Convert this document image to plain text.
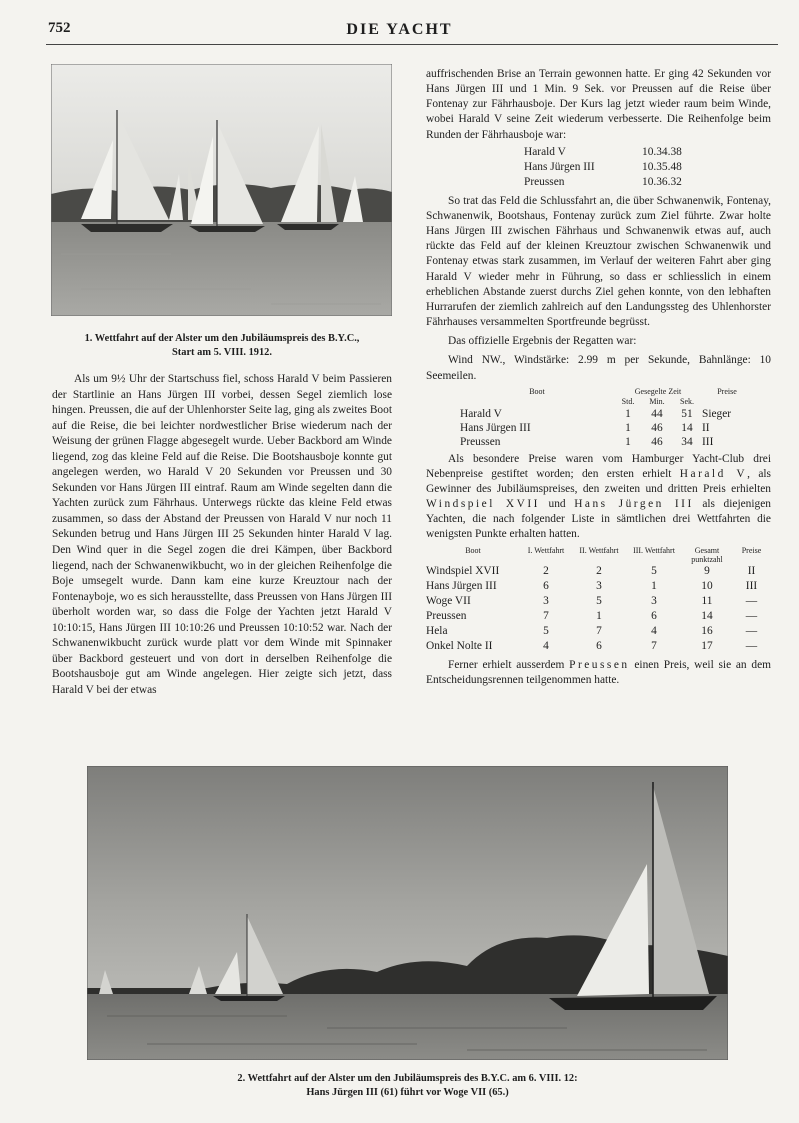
752	DIE YACHT
1. Wettfahrt auf der Alster um den Jubiläumspreis des B.Y.C.,
Start am 5. VIII. 1912.

Als um 9½ Uhr der Startschuss fiel, schoss Harald V beim Passieren der Startlinie an Hans Jürgen III vorbei, dessen Segel ziemlich lose hingen. Preussen, die auf der Uhlenhorster Seite lag, ging als zweites Boot auf die Reise, die bei leichter nordwestlicher Brise wiederum nach der Weisung der grünen Flagge abgesegelt wurde. Ueber Backbord am Winde liegend, zog das kleine Feld auf die Reise. Die Bootshausboje konnte gut angelegen werden, wo Harald V 20 Sekunden vor Preussen und 30 Sekunden vor Hans Jürgen III eintraf. Raum am Winde segelten dann die Yachten zurück zum Fährhaus. Unterwegs rückte das kleine Feld etwas zusammen, so dass der Abstand der Preussen von Harald V nur noch 11 Sekunden betrug und Hans Jürgen III 25 Sekunden hinter Harald V lag. Den Wind quer in die Segel zogen die drei Kämpen, über Backbord liegend, nach der Schwanenwikbucht, wo in der gleichen Reihenfolge die Boje umsegelt wurde. Dann kam eine kurze Kreuztour nach der Fontenayboje, wo es sich herausstellte, dass Preussen von Hans Jürgen III überholt worden war, so dass die Folge der Yachten jetzt Harald V 10:10:15, Hans Jürgen III 10:10:26 und Preussen 10:10:52 war. Nach der Schwanenwikbucht zurück wurde platt vor dem Winde mit Spinnaker über Backbord gesteuert und von dort in derselben Reihenfolge die Bootshausboje gut am Winde angelegen. Hier zeigte sich jetzt, dass Harald V bei der etwas

auffrischenden Brise an Terrain gewonnen hatte. Er ging 42 Sekunden vor Hans Jürgen III und 1 Min. 9 Sek. vor Preussen auf die Reise über Fontenay zur Fährhausboje. Der Kurs lag jetzt wieder raum beim Winde, wobei Harald V seine Zeit wiederum verbesserte. Die Reihenfolge beim Runden der Fährhausboje war:

Harald V	10.34.38
Hans Jürgen III	10.35.48
Preussen	10.36.32

So trat das Feld die Schlussfahrt an, die über Schwanenwik, Fontenay, Schwanenwik, Bootshaus, Fontenay zurück zum Ziel führte. Zwar holte Hans Jürgen III zwischen Fährhaus und Schwanenwik etwas auf, auch rückte das Feld auf der kleinen Kreuztour zwischen Schwanenwik und Fontenay etwas stark zusammen, im Verlauf der weiteren Fahrt aber ging Harald V wieder mehr in Führung, so dass er schliesslich in einem erheblichen Abstande zuerst durchs Ziel gehen konnte, von den lebhaften Hurrarufen der ziemlich zahlreich auf den Landungssteg des Uhlenhorster Fährhauses versammelten Sportfreunde begrüsst.

Das offizielle Ergebnis der Regatten war:

Wind NW., Windstärke: 2.99 m per Sekunde, Bahnlänge: 10 Seemeilen.

Boot	Gesegelte Zeit			Preise
	Std.	Min.	Sek.	
Harald V	1	44	51	Sieger
Hans Jürgen III	1	46	14	II
Preussen	1	46	34	III

Als besondere Preise waren vom Hamburger Yacht-Club drei Nebenpreise gestiftet worden; den ersten erhielt Harald V, als Gewinner des Jubiläumspreises, den zweiten und dritten Preis erhielten Windspiel XVII und Hans Jürgen III als diejenigen Yachten, die nach folgender Liste in sämtlichen drei Wettfahrten die wenigsten Punkte erhalten hatten.

Boot	I. Wettfahrt	II. Wettfahrt	III. Wettfahrt	Gesamt punktzahl	Preise
Windspiel XVII	2	2	5	9	II
Hans Jürgen III	6	3	1	10	III
Woge VII	3	5	3	11	—
Preussen	7	1	6	14	—
Hela	5	7	4	16	—
Onkel Nolte II	4	6	7	17	—

Ferner erhielt ausserdem Preussen einen Preis, weil sie an dem Entscheidungsrennen teilgenommen hatte.

2. Wettfahrt auf der Alster um den Jubiläumspreis des B.Y.C. am 6. VIII. 12:
Hans Jürgen III (61) führt vor Woge VII (65.)
